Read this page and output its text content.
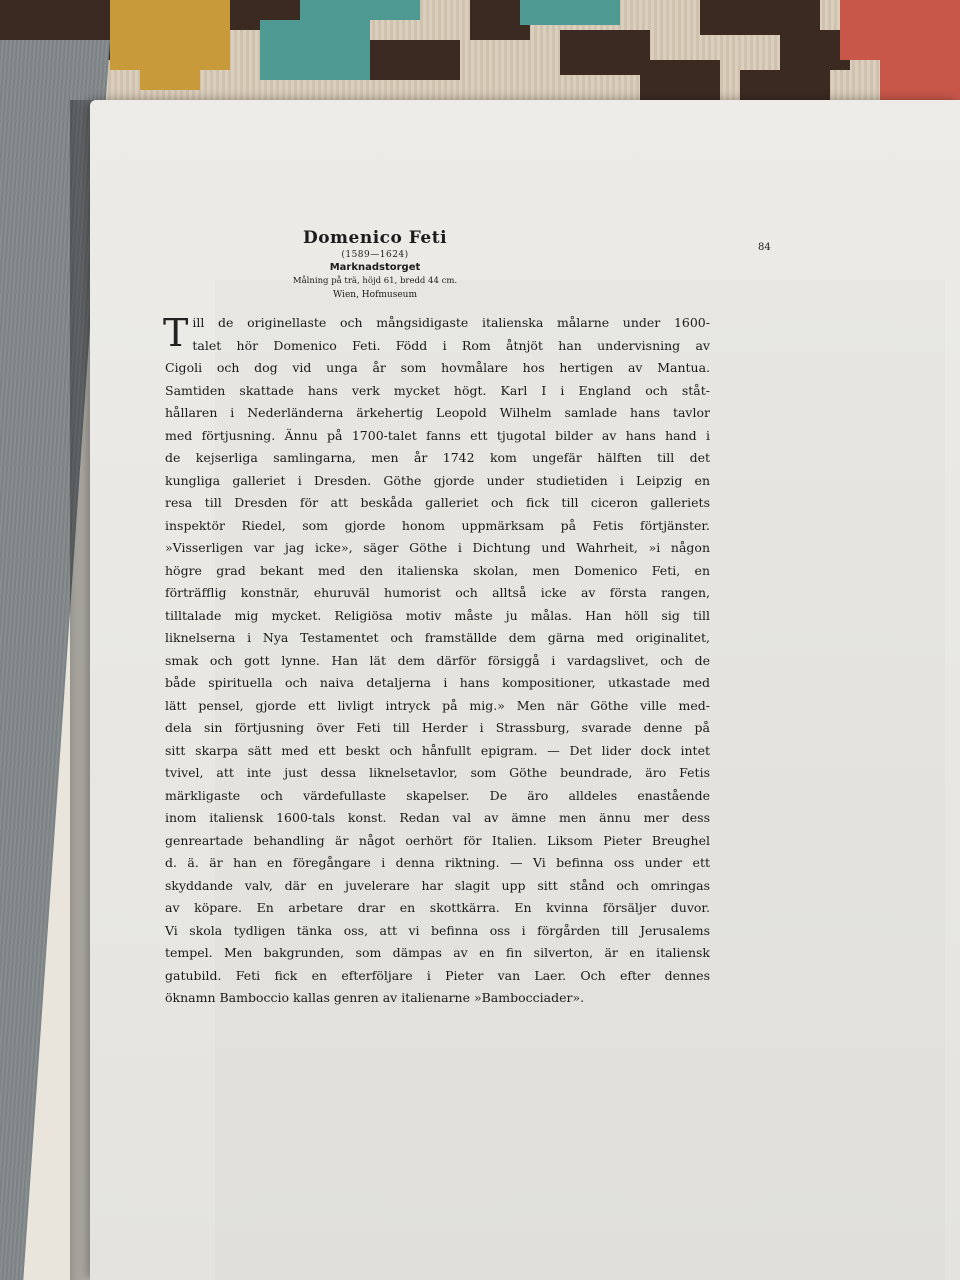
Domenico Feti

(1589—1624)

Marknadstorget

Målning på trä, höjd 61, bredd 44 cm.

Wien, Hofmuseum

84
T ill de originellaste och mångsidigaste italienska målarne under 1600-
talet hör Domenico Feti. Född i Rom åtnjöt han undervisning av
Cigoli och dog vid unga år som hovmålare hos hertigen av Mantua.
Samtiden skattade hans verk mycket högt. Karl I i England och ståt-
hållaren i Nederländerna ärkehertig Leopold Wilhelm samlade hans tavlor
med förtjusning. Ännu på 1700-talet fanns ett tjugotal bilder av hans hand i
de kejserliga samlingarna, men år 1742 kom ungefär hälften till det
kungliga galleriet i Dresden. Göthe gjorde under studietiden i Leipzig en
resa till Dresden för att beskåda galleriet och fick till ciceron galleriets
inspektör Riedel, som gjorde honom uppmärksam på Fetis förtjänster.
»Visserligen var jag icke», säger Göthe i Dichtung und Wahrheit, »i någon
högre grad bekant med den italienska skolan, men Domenico Feti, en
förträfflig konstnär, ehuruväl humorist och alltså icke av första rangen,
tilltalade mig mycket. Religiösa motiv måste ju målas. Han höll sig till
liknelserna i Nya Testamentet och framställde dem gärna med originalitet,
smak och gott lynne. Han lät dem därför försiggå i vardagslivet, och de
både spirituella och naiva detaljerna i hans kompositioner, utkastade med
lätt pensel, gjorde ett livligt intryck på mig.» Men när Göthe ville med-
dela sin förtjusning över Feti till Herder i Strassburg, svarade denne på
sitt skarpa sätt med ett beskt och hånfullt epigram. — Det lider dock intet
tvivel, att inte just dessa liknelsetavlor, som Göthe beundrade, äro Fetis
märkligaste och värdefullaste skapelser. De äro alldeles enastående
inom italiensk 1600-tals konst. Redan val av ämne men ännu mer dess
genreartade behandling är något oerhört för Italien. Liksom Pieter Breughel
d. ä. är han en föregångare i denna riktning. — Vi befinna oss under ett
skyddande valv, där en juvelerare har slagit upp sitt stånd och omringas
av köpare. En arbetare drar en skottkärra. En kvinna försäljer duvor.
Vi skola tydligen tänka oss, att vi befinna oss i förgården till Jerusalems
tempel. Men bakgrunden, som dämpas av en fin silverton, är en italiensk
gatubild. Feti fick en efterföljare i Pieter van Laer. Och efter dennes
öknamn Bamboccio kallas genren av italienarne »Bambocciader».
